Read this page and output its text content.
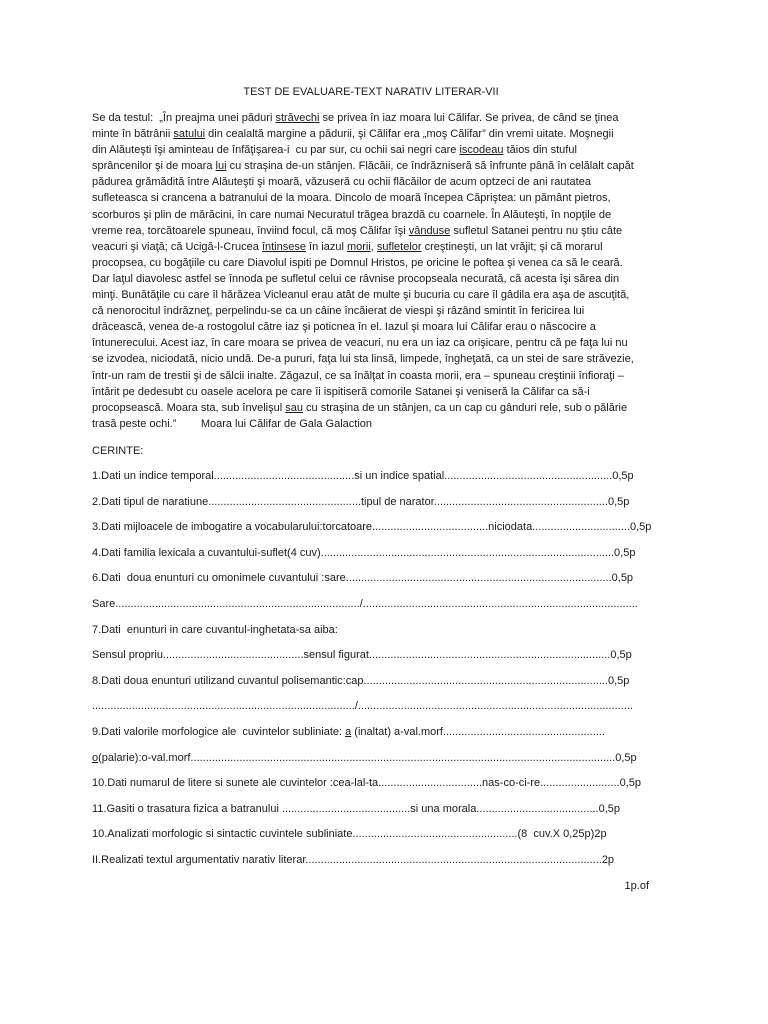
TEST DE EVALUARE-TEXT NARATIV LITERAR-VII
Se da testul:  „În preajma unei păduri străvechi se privea în iaz moara lui Călifar. Se privea, de când se ţinea
minte în bătrânii satului din cealaltă margine a pădurii, şi Călifar era „moş Călifar” din vremi uitate. Moşnegii
din Alăuteşti îşi aminteau de înfăţişarea-i  cu par sur, cu ochii sai negri care iscodeau tăios din stuful
sprâncenilor şi de moara lui cu straşina de-un stânjen. Flăcăii, ce îndrăzniseră să înfrunte până în celălalt capăt
pădurea grămădită între Alăuteşti şi moară, văzuseră cu ochii flăcăilor de acum optzeci de ani rautatea
sufleteasca si crancena a batranului de la moara. Dincolo de moară începea Căpriştea: un pământ pietros,
scorburos şi plin de mărăcini, în care numai Necuratul trăgea brazdă cu coarnele. În Alăuteşti, în nopţile de
vreme rea, torcătoarele spuneau, înviind focul, că moş Călifar îşi vânduse sufletul Satanei pentru nu ştiu câte
veacuri şi viaţă; că Ucigă-l-Crucea întinsese în iazul morii, sufletelor creştineşti, un lat vrăjit; şi că morarul
procopsea, cu bogăţiile cu care Diavolul ispiti pe Domnul Hristos, pe oricine le poftea şi venea ca să le ceară.
Dar laţul diavolesc astfel se înnoda pe sufletul celui ce râvnise procopseala necurată, că acesta îşi sărea din
minţi. Bunătăţile cu care îl hărăzea Vicleanul erau atât de multe şi bucuria cu care îl gâdila era aşa de ascuţită,
că nenorocitul îndrăzneţ, perpelindu-se ca un câine încăierat de viespi şi râzând smintit în fericirea lui
drăcească, venea de-a rostogolul către iaz şi poticnea în el. Iazul şi moara lui Călifar erau o născocire a
întunerecului. Acest iaz, în care moara se privea de veacuri, nu era un iaz ca orişicare, pentru că pe faţa lui nu
se izvodea, niciodată, nicio undă. De-a pururi, faţa lui sta linsă, limpede, îngheţată, ca un stei de sare străvezie,
într-un ram de trestii şi de sălcii inalte. Zăgazul, ce sa înălţat în coasta morii, era – spuneau creştinii înfioraţi –
întărit pe dedesubt cu oasele acelora pe care îi ispitiseră comorile Satanei şi veniseră la Călifar ca să-i
procopsească. Moara sta, sub învelişul sau cu straşina de un stânjen, ca un cap cu gânduri rele, sub o pălărie
trasă peste ochi.”        Moara lui Călifar de Gala Galaction
CERINTE:
1.Dati un indice temporal..............................................si un indice spatial.......................................................0,5p
2.Dati tipul de naratiune..................................................tipul de narator.........................................................0,5p
3.Dati mijloacele de imbogatire a vocabularului:torcatoare......................................niciodata................................0,5p
4.Dati familia lexicala a cuvantului-suflet(4 cuv)................................................................................................0,5p
6.Dati  doua enunturi cu omonimele cuvantului :sare.......................................................................................0,5p
Sare................................................................................/..........................................................................................
7.Dati  enunturi in care cuvantul-inghetata-sa aiba:
Sensul propriu..............................................sensul figurat...............................................................................0,5p
8.Dati doua enunturi utilizand cuvantul polisemantic:cap................................................................................0,5p
....................................................................................../..........................................................................................
9.Dati valorile morfologice ale  cuvintelor subliniate: a (inaltat) a-val.morf.....................................................
o(palarie):o-val.morf...........................................................................................................................................0,5p
10.Dati numarul de litere si sunete ale cuvintelor :cea-lal-ta..................................nas-co-ci-re..........................0,5p
11.Gasiti o trasatura fizica a batranului ..........................................si una morala........................................0,5p
10.Analizati morfologic si sintactic cuvintele subliniate......................................................(8  cuv.X 0,25p)2p
II.Realizati textul argumentativ narativ literar.................................................................................................2p
1p.of
